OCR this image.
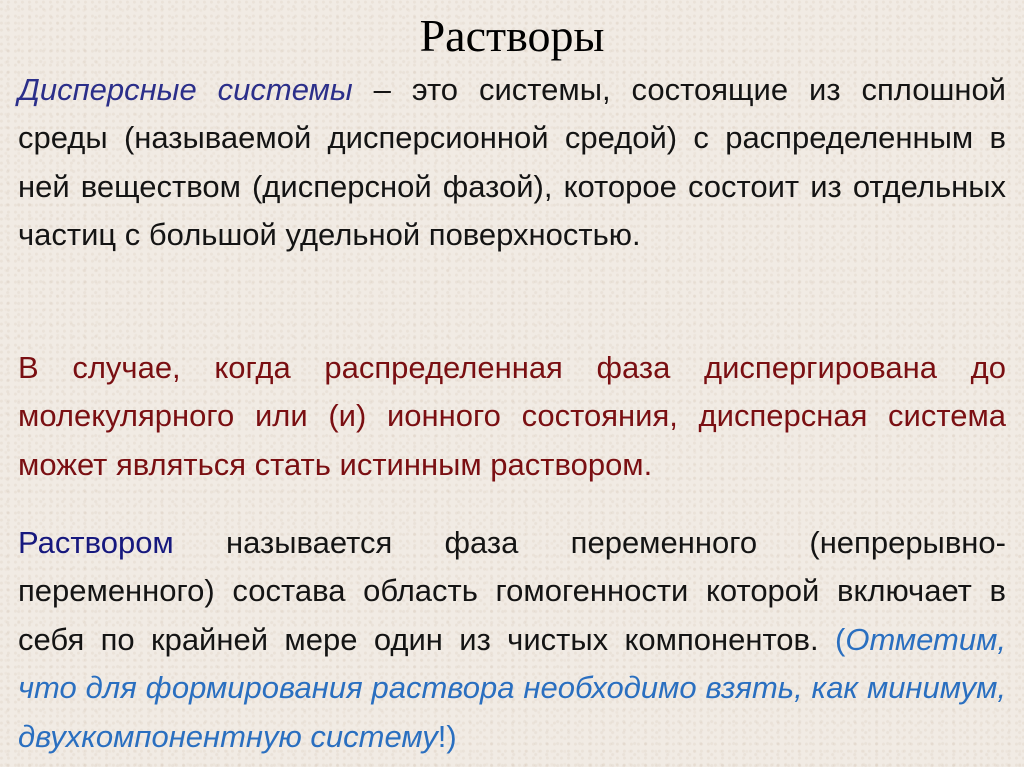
Растворы
Дисперсные системы – это системы, состоящие из сплошной среды (называемой дисперсионной средой) с распределенным в ней веществом (дисперсной фазой), которое состоит из отдельных частиц с большой удельной поверхностью.
В случае, когда распределенная фаза диспергирована до молекулярного или (и) ионного состояния, дисперсная система может являться стать истинным раствором.
Раствором называется фаза переменного (непрерывно-переменного) состава область гомогенности которой включает в себя по крайней мере один из чистых компонентов. (Отметим, что для формирования раствора необходимо взять, как минимум, двухкомпонентную систему!)
